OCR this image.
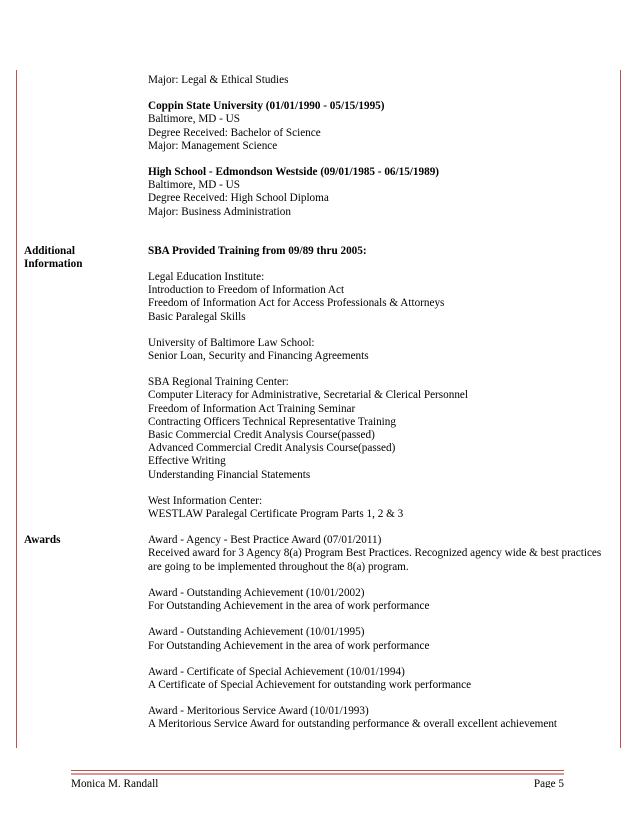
Major: Legal & Ethical Studies
Coppin State University (01/01/1990 - 05/15/1995)
Baltimore, MD - US
Degree Received: Bachelor of Science
Major: Management Science
High School - Edmondson Westside (09/01/1985 - 06/15/1989)
Baltimore, MD - US
Degree Received: High School Diploma
Major: Business Administration
Additional
Information
SBA Provided Training from 09/89 thru 2005:
Legal Education Institute:
Introduction to Freedom of Information Act
Freedom of Information Act for Access Professionals & Attorneys
Basic Paralegal Skills
University of Baltimore Law School:
Senior Loan, Security and Financing Agreements
SBA Regional Training Center:
Computer Literacy for Administrative, Secretarial & Clerical Personnel
Freedom of Information Act Training Seminar
Contracting Officers Technical Representative Training
Basic Commercial Credit Analysis Course(passed)
Advanced Commercial Credit Analysis Course(passed)
Effective Writing
Understanding Financial Statements
West Information Center:
WESTLAW Paralegal Certificate Program Parts 1, 2 & 3
Awards	Award - Agency - Best Practice Award (07/01/2011)
Received award for 3 Agency 8(a) Program Best Practices. Recognized agency wide & best practices
are going to be implemented throughout the 8(a) program.
Award - Outstanding Achievement (10/01/2002)
For Outstanding Achievement in the area of work performance
Award - Outstanding Achievement (10/01/1995)
For Outstanding Achievement in the area of work performance
Award - Certificate of Special Achievement (10/01/1994)
A Certificate of Special Achievement for outstanding work performance
Award - Meritorious Service Award (10/01/1993)
A Meritorious Service Award for outstanding performance & overall excellent achievement
Monica M. Randall	Page 5
